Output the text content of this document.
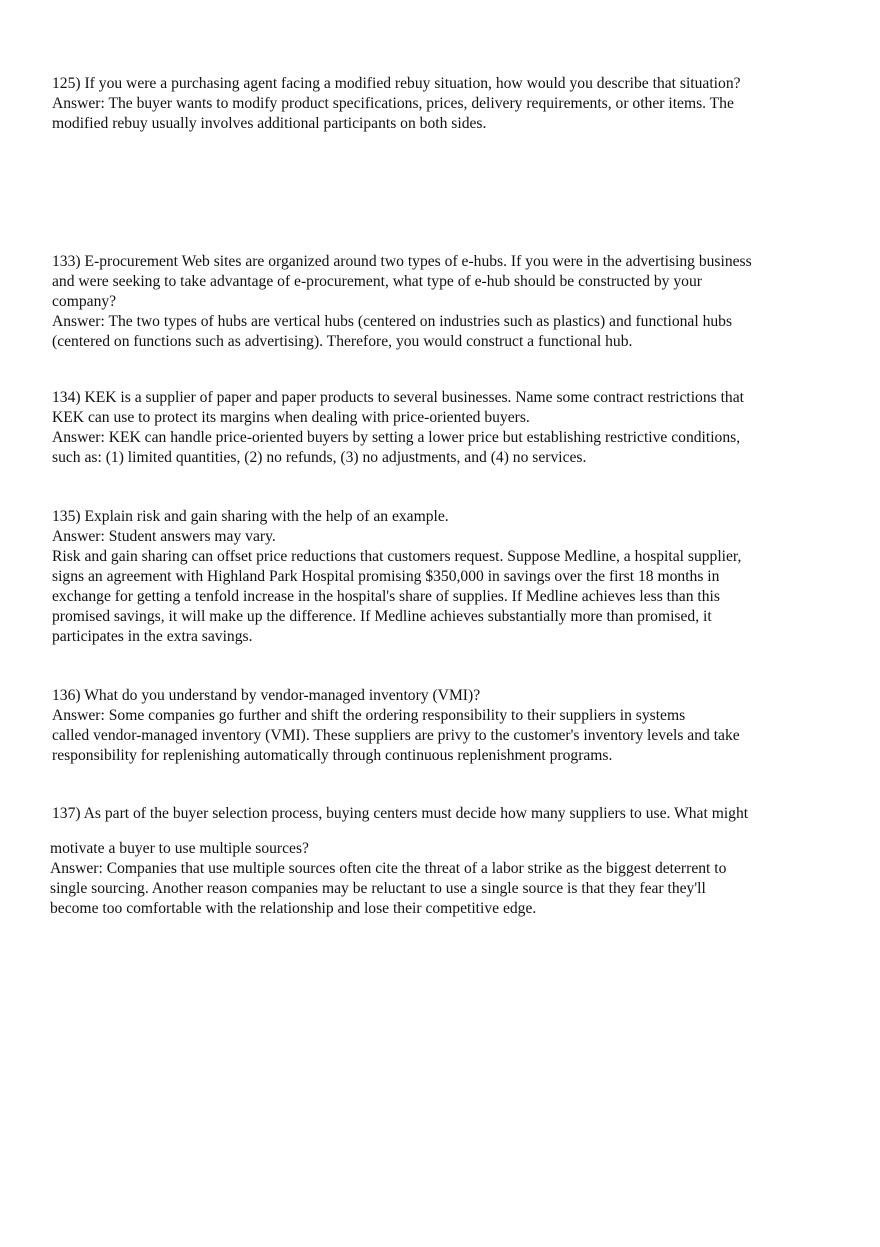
125) If you were a purchasing agent facing a modified rebuy situation, how would you describe that situation?
Answer: The buyer wants to modify product specifications, prices, delivery requirements, or other items. The
modified rebuy usually involves additional participants on both sides.
133) E-procurement Web sites are organized around two types of e-hubs. If you were in the advertising business
and were seeking to take advantage of e-procurement, what type of e-hub should be constructed by your
company?
Answer: The two types of hubs are vertical hubs (centered on industries such as plastics) and functional hubs
(centered on functions such as advertising). Therefore, you would construct a functional hub.
134) KEK is a supplier of paper and paper products to several businesses. Name some contract restrictions that
KEK can use to protect its margins when dealing with price-oriented buyers.
Answer: KEK can handle price-oriented buyers by setting a lower price but establishing restrictive conditions,
such as: (1) limited quantities, (2) no refunds, (3) no adjustments, and (4) no services.
135) Explain risk and gain sharing with the help of an example.
Answer: Student answers may vary.
Risk and gain sharing can offset price reductions that customers request. Suppose Medline, a hospital supplier,
signs an agreement with Highland Park Hospital promising $350,000 in savings over the first 18 months in
exchange for getting a tenfold increase in the hospital's share of supplies. If Medline achieves less than this
promised savings, it will make up the difference. If Medline achieves substantially more than promised, it
participates in the extra savings.
136) What do you understand by vendor-managed inventory (VMI)?
Answer: Some companies go further and shift the ordering responsibility to their suppliers in systems
called vendor-managed inventory (VMI). These suppliers are privy to the customer's inventory levels and take
responsibility for replenishing automatically through continuous replenishment programs.
137) As part of the buyer selection process, buying centers must decide how many suppliers to use. What might
motivate a buyer to use multiple sources?
Answer: Companies that use multiple sources often cite the threat of a labor strike as the biggest deterrent to
single sourcing. Another reason companies may be reluctant to use a single source is that they fear they'll
become too comfortable with the relationship and lose their competitive edge.
